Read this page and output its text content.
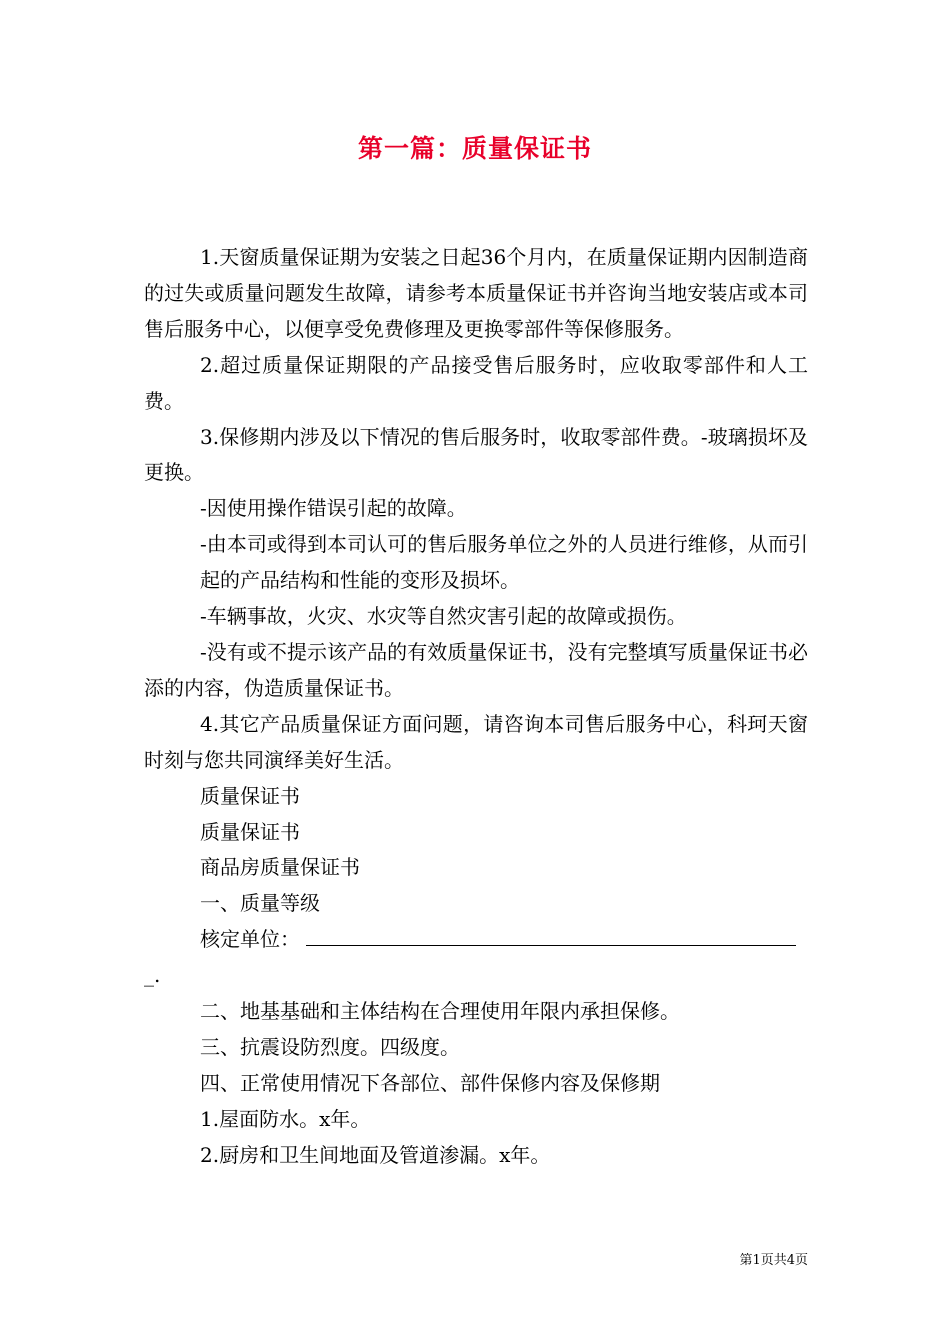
第一篇：质量保证书

1.天窗质量保证期为安装之日起36个月内，在质量保证期内因制造商的过失或质量问题发生故障，请参考本质量保证书并咨询当地安装店或本司售后服务中心，以便享受免费修理及更换零部件等保修服务。

2.超过质量保证期限的产品接受售后服务时，应收取零部件和人工费。

3.保修期内涉及以下情况的售后服务时，收取零部件费。-玻璃损坏及更换。

-因使用操作错误引起的故障。

-由本司或得到本司认可的售后服务单位之外的人员进行维修，从而引起的产品结构和性能的变形及损坏。

-车辆事故，火灾、水灾等自然灾害引起的故障或损伤。

-没有或不提示该产品的有效质量保证书，没有完整填写质量保证书必添的内容，伪造质量保证书。

4.其它产品质量保证方面问题，请咨询本司售后服务中心，科珂天窗时刻与您共同演绎美好生活。

质量保证书

质量保证书

商品房质量保证书

一、质量等级

核定单位：

_.

二、地基基础和主体结构在合理使用年限内承担保修。

三、抗震设防烈度。四级度。

四、正常使用情况下各部位、部件保修内容及保修期

1.屋面防水。x年。

2.厨房和卫生间地面及管道渗漏。x年。

第1页共4页
